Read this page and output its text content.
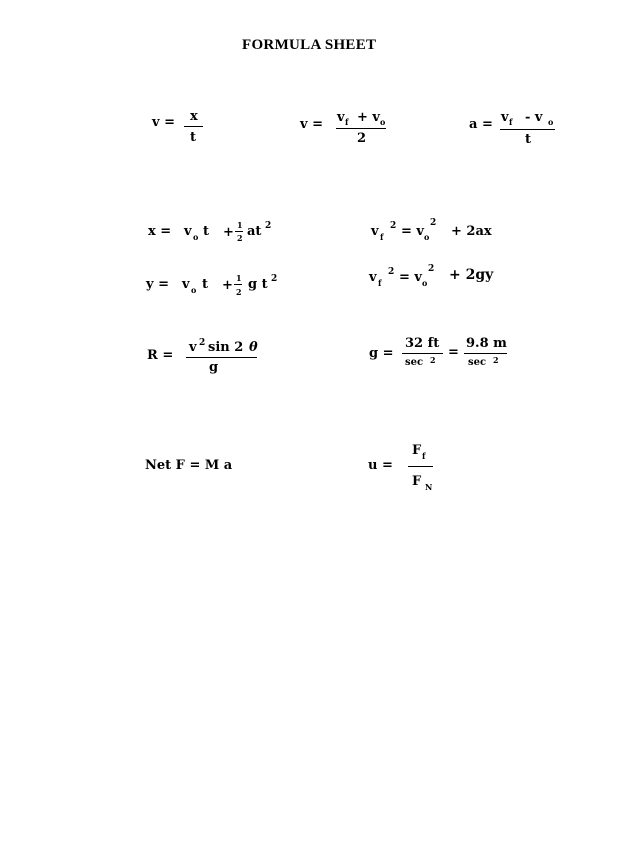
FORMULA SHEET
v = x
t
v = v f + v o
2
a = v f - v o
t
x = v o t + 1
2 at 2
y = v o t + 1
2 g t 2
v f
2 = v o
2
+ 2ax
v f
2 = v o
2 + 2gy
R =
v 2 sin 2 θ
g
g =
32 ft
sec 2 =
9.8 m
sec 2
Net F = M a	u =
F f
F N
